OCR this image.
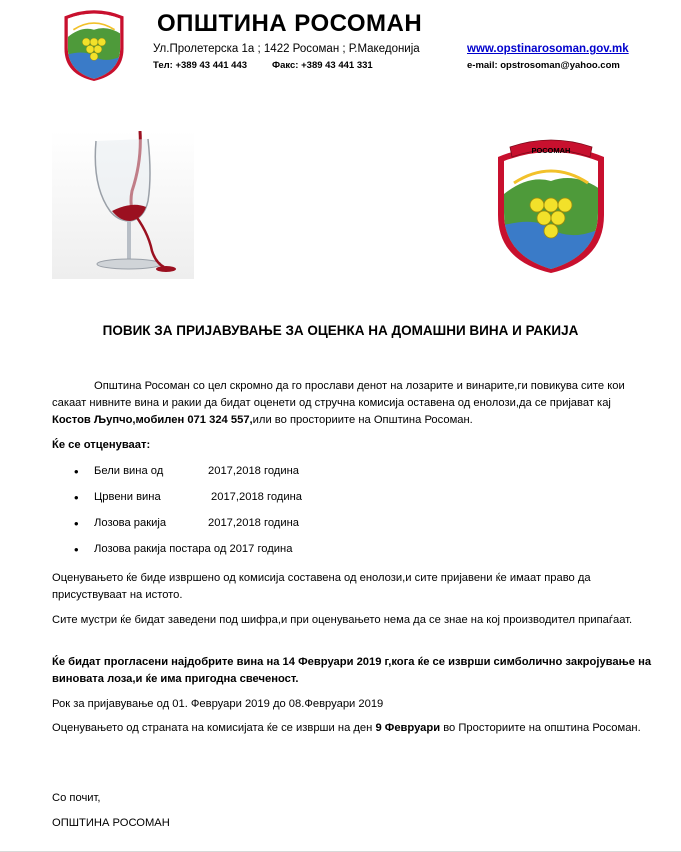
ОПШТИНА РОСОМАН
Ул.Пролетерска 1а ; 1422 Росоман ; Р.Македонија
Тел: +389 43 441 443	Факс: +389 43 441 331
www.opstinarosoman.gov.mk
e-mail: opstrosoman@yahoo.com
РОСОМАН
ПОВИК ЗА ПРИЈАВУВАЊЕ ЗА ОЦЕНКА НА ДОМАШНИ ВИНА И РАКИЈА
Општина Росоман со цел скромно да го прослави денот на лозарите и винарите,ги повикува сите кои сакаат нивните вина и ракии да бидат оценети од стручна комисија оставена од енолози,да се пријават кај Костов Љупчо,мобилен 071 324 557,или во просториите на Општина Росоман.
Ќе се отценуваат:
• Бели вина од	2017,2018 година
• Црвени вина	2017,2018 година
• Лозова ракија	2017,2018 година
• Лозова ракија постара од 2017 година
Оценувањето ќе биде извршено од комисија составена од енолози,и сите пријавени ќе имаат право да присуствуваат на истото.
Сите мустри ќе бидат заведени под шифра,и при оценувањето нема да се знае на кој производител припаѓаат.
Ќе бидат прогласени најдобрите вина на 14 Февруари 2019 г,кога ќе се изврши симболично закројување на виновата лоза,и ќе има пригодна свеченост.
Рок за пријавување од 01. Февруари 2019 до 08.Февруари 2019
Оценувањето од страната на комисијата ќе се изврши на ден 9 Февруари во Просториите на општина Росоман.
Со почит,
ОПШТИНА РОСОМАН
